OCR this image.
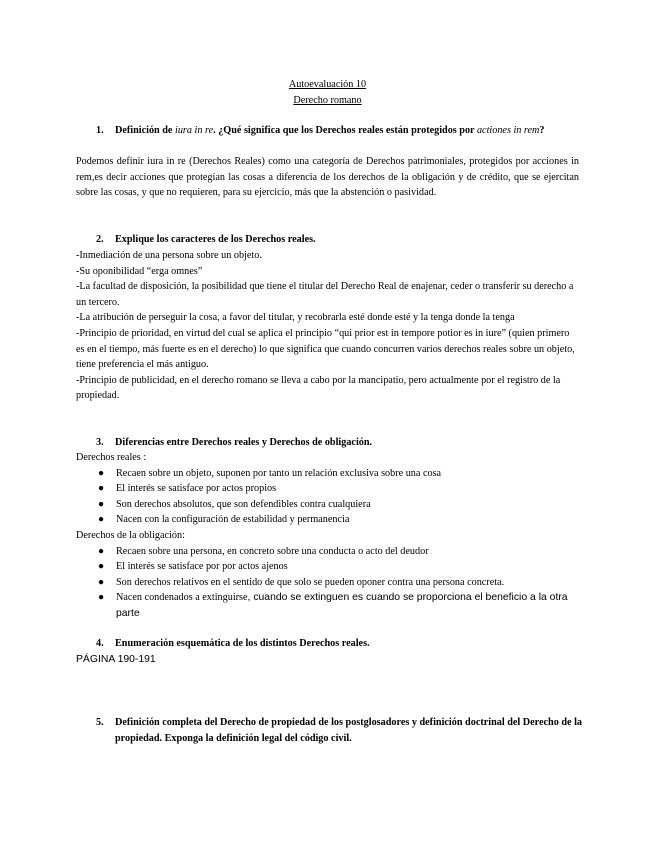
Autoevaluación 10
Derecho romano
1. Definición de iura in re. ¿Qué significa que los Derechos reales están protegidos por actiones in rem?
Podemos definir iura in re (Derechos Reales) como una categoría de Derechos patrimoniales, protegidos por acciones in rem,es decir acciones que protegían las cosas a diferencia de los derechos de la obligación y de crédito, que se ejercitan sobre las cosas, y que no requieren, para su ejercicio, más que la abstención o pasividad.
2. Explique los caracteres de los Derechos reales.
-Inmediación de una persona sobre un objeto.
-Su oponibilidad “erga omnes”
-La facultad de disposición, la posibilidad que tiene el titular del Derecho Real de enajenar, ceder o transferir su derecho a un tercero.
-La atribución de perseguir la cosa, a favor del titular, y recobrarla esté donde esté y la tenga donde la tenga
-Principio de prioridad, en virtud del cual se aplica el principio “qui prior est in tempore potior es in iure” (quien primero es en el tiempo, más fuerte es en el derecho) lo que significa que cuando concurren varios derechos reales sobre un objeto, tiene preferencia el más antiguo.
-Principio de publicidad, en el derecho romano se lleva a cabo por la mancipatio, pero actualmente por el registro de la propiedad.
3. Diferencias entre Derechos reales y Derechos de obligación.
Derechos reales :
● Recaen sobre un objeto, suponen por tanto un relación exclusiva sobre una cosa
● El interés se satisface por actos propios
● Son derechos absolutos, que son defendibles contra cualquiera
● Nacen con la configuración de estabilidad y permanencia
Derechos de la obligación:
● Recaen sobre una persona, en concreto sobre una conducta o acto del deudor
● El interés se satisface por por actos ajenos
● Son derechos relativos en el sentido de que solo se pueden oponer contra una persona concreta.
● Nacen condenados a extinguirse, cuando se extinguen es cuando se proporciona el beneficio a la otra parte
4. Enumeración esquemática de los distintos Derechos reales.
PÁGINA 190-191
5. Definición completa del Derecho de propiedad de los postglosadores y definición doctrinal del Derecho de la propiedad. Exponga la definición legal del código civil.
